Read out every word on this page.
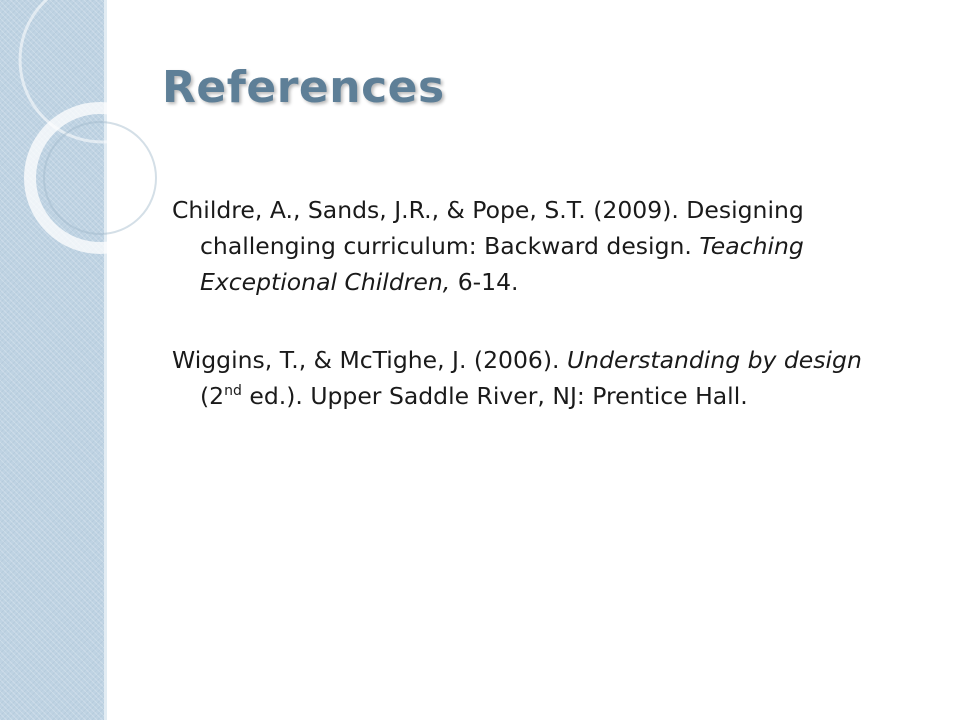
References

Childre, A., Sands, J.R., & Pope, S.T. (2009). Designing challenging curriculum: Backward design. Teaching Exceptional Children, 6-14.

Wiggins, T., & McTighe, J. (2006). Understanding by design (2nd ed.). Upper Saddle River, NJ: Prentice Hall.
